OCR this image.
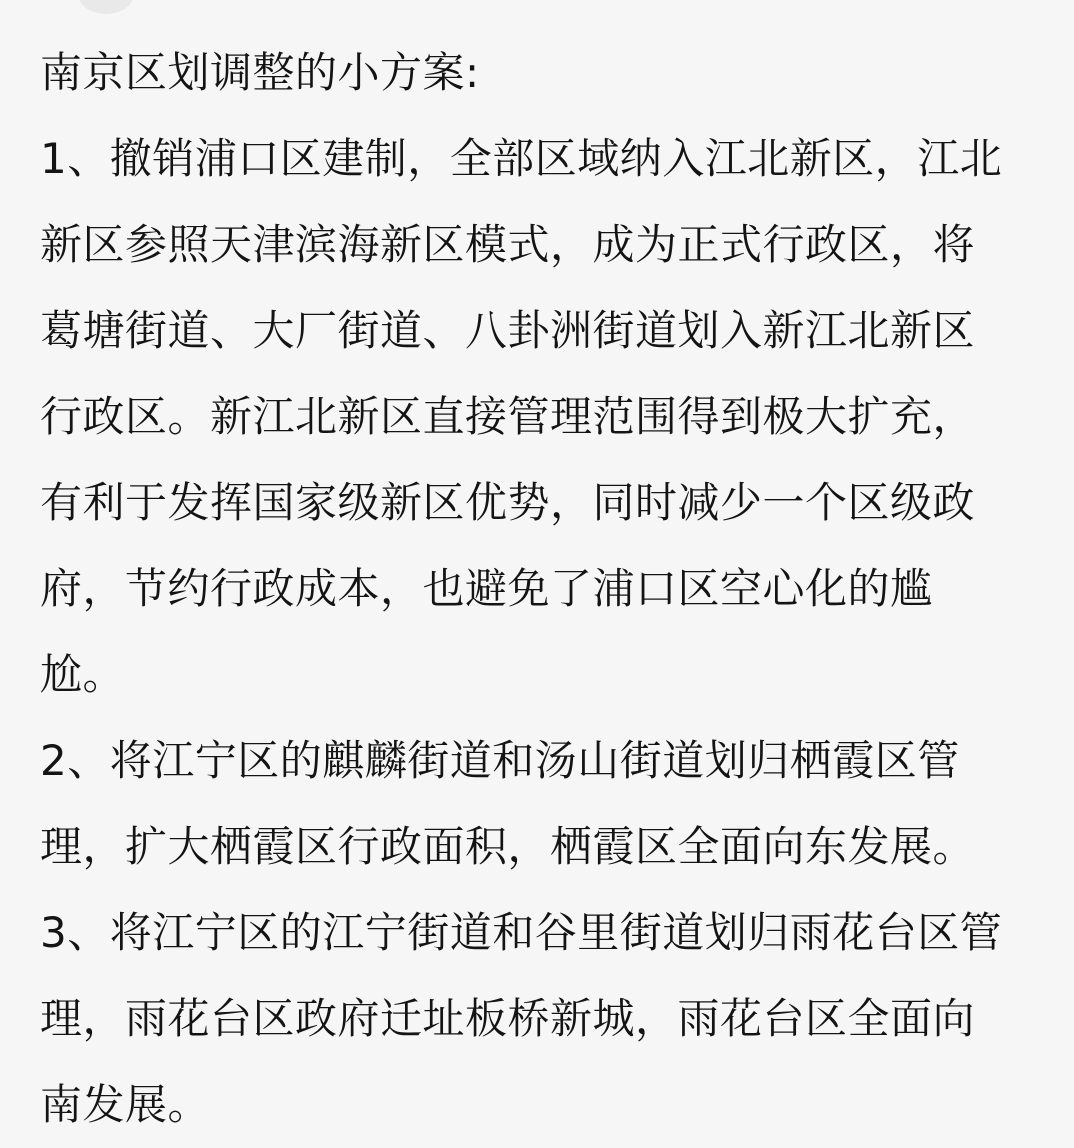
南京区划调整的小方案:
1、撤销浦口区建制，全部区域纳入江北新区，江北
新区参照天津滨海新区模式，成为正式行政区，将
葛塘街道、大厂街道、八卦洲街道划入新江北新区
行政区。新江北新区直接管理范围得到极大扩充，
有利于发挥国家级新区优势，同时减少一个区级政
府，节约行政成本，也避免了浦口区空心化的尴
尬。
2、将江宁区的麒麟街道和汤山街道划归栖霞区管
理，扩大栖霞区行政面积，栖霞区全面向东发展。
3、将江宁区的江宁街道和谷里街道划归雨花台区管
理，雨花台区政府迁址板桥新城，雨花台区全面向
南发展。
